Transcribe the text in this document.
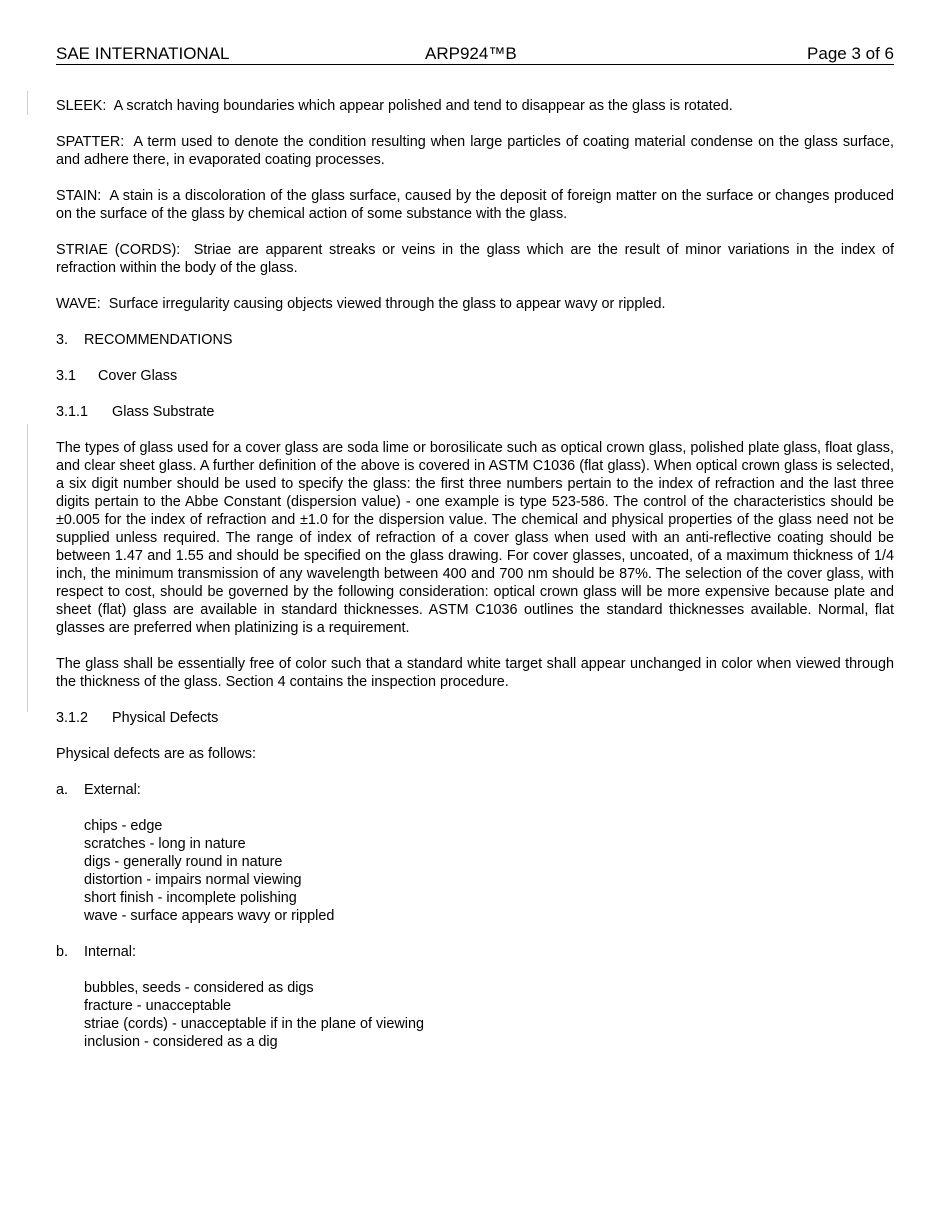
SAE INTERNATIONAL	ARP924™B	Page 3 of 6

SLEEK: A scratch having boundaries which appear polished and tend to disappear as the glass is rotated.

SPATTER: A term used to denote the condition resulting when large particles of coating material condense on the glass surface, and adhere there, in evaporated coating processes.

STAIN: A stain is a discoloration of the glass surface, caused by the deposit of foreign matter on the surface or changes produced on the surface of the glass by chemical action of some substance with the glass.

STRIAE (CORDS): Striae are apparent streaks or veins in the glass which are the result of minor variations in the index of refraction within the body of the glass.

WAVE: Surface irregularity causing objects viewed through the glass to appear wavy or rippled.

3. RECOMMENDATIONS
3.1 Cover Glass
3.1.1 Glass Substrate

The types of glass used for a cover glass are soda lime or borosilicate such as optical crown glass, polished plate glass, float glass, and clear sheet glass. A further definition of the above is covered in ASTM C1036 (flat glass). When optical crown glass is selected, a six digit number should be used to specify the glass: the first three numbers pertain to the index of refraction and the last three digits pertain to the Abbe Constant (dispersion value) - one example is type 523-586. The control of the characteristics should be ±0.005 for the index of refraction and ±1.0 for the dispersion value. The chemical and physical properties of the glass need not be supplied unless required. The range of index of refraction of a cover glass when used with an anti-reflective coating should be between 1.47 and 1.55 and should be specified on the glass drawing. For cover glasses, uncoated, of a maximum thickness of 1/4 inch, the minimum transmission of any wavelength between 400 and 700 nm should be 87%. The selection of the cover glass, with respect to cost, should be governed by the following consideration: optical crown glass will be more expensive because plate and sheet (flat) glass are available in standard thicknesses. ASTM C1036 outlines the standard thicknesses available. Normal, flat glasses are preferred when platinizing is a requirement.

The glass shall be essentially free of color such that a standard white target shall appear unchanged in color when viewed through the thickness of the glass. Section 4 contains the inspection procedure.

3.1.2 Physical Defects

Physical defects are as follows:

a. External:
chips - edge
scratches - long in nature
digs - generally round in nature
distortion - impairs normal viewing
short finish - incomplete polishing
wave - surface appears wavy or rippled
b. Internal:
bubbles, seeds - considered as digs
fracture - unacceptable
striae (cords) - unacceptable if in the plane of viewing
inclusion - considered as a dig
